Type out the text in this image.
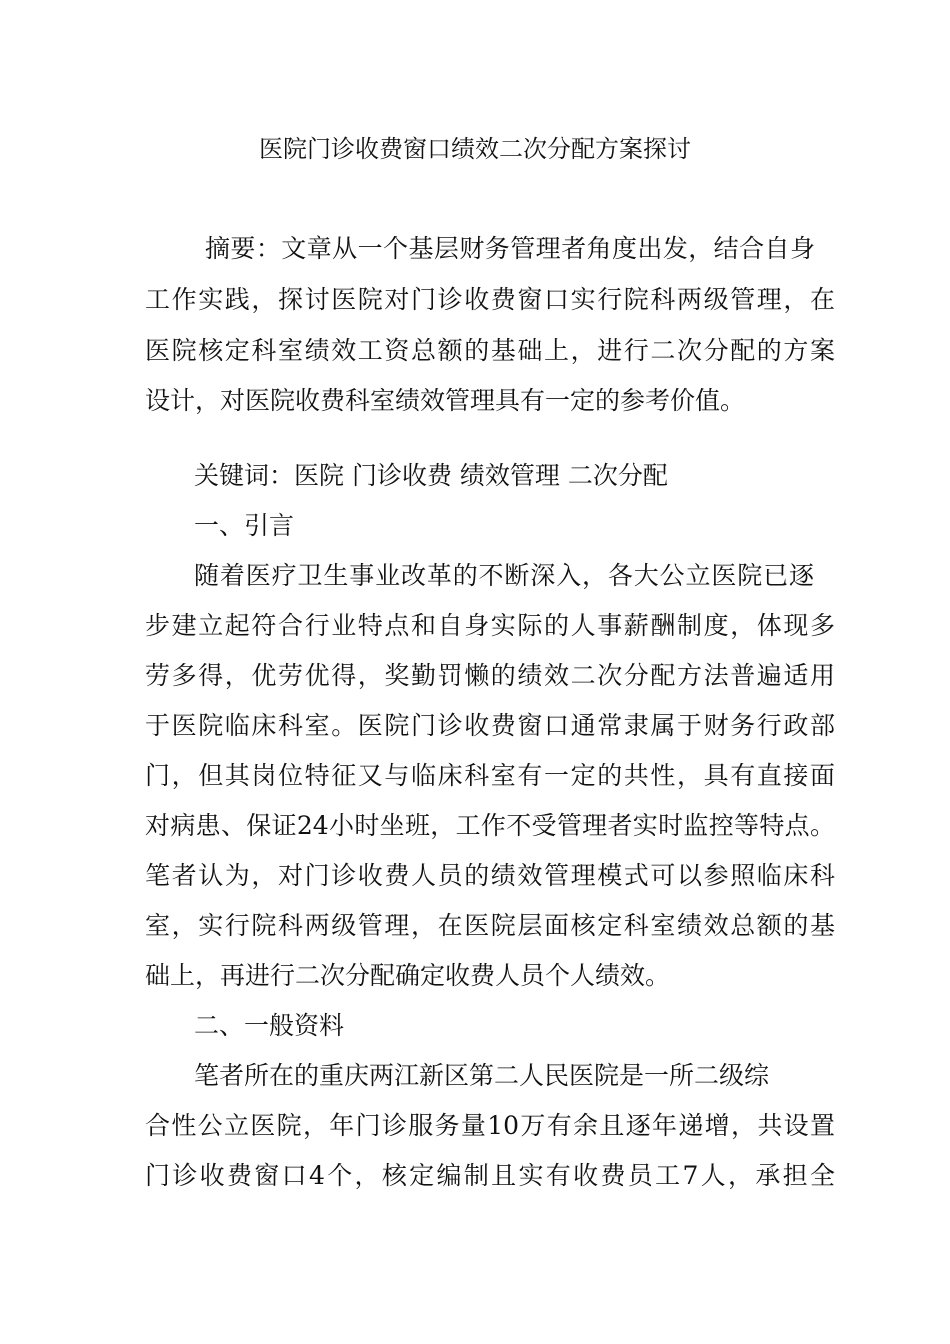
医院门诊收费窗口绩效二次分配方案探讨
摘要：文章从一个基层财务管理者角度出发，结合自身
工作实践，探讨医院对门诊收费窗口实行院科两级管理，在
医院核定科室绩效工资总额的基础上，进行二次分配的方案
设计，对医院收费科室绩效管理具有一定的参考价值。
关键词：医院 门诊收费 绩效管理 二次分配
一、引言
随着医疗卫生事业改革的不断深入，各大公立医院已逐
步建立起符合行业特点和自身实际的人事薪酬制度，体现多
劳多得，优劳优得，奖勤罚懒的绩效二次分配方法普遍适用
于医院临床科室。医院门诊收费窗口通常隶属于财务行政部
门，但其岗位特征又与临床科室有一定的共性，具有直接面
对病患、保证24小时坐班，工作不受管理者实时监控等特点。
笔者认为，对门诊收费人员的绩效管理模式可以参照临床科
室，实行院科两级管理，在医院层面核定科室绩效总额的基
础上，再进行二次分配确定收费人员个人绩效。
二、一般资料
笔者所在的重庆两江新区第二人民医院是一所二级综
合性公立医院，年门诊服务量10万有余且逐年递增，共设置
门诊收费窗口4个，核定编制且实有收费员工7人，承担全
